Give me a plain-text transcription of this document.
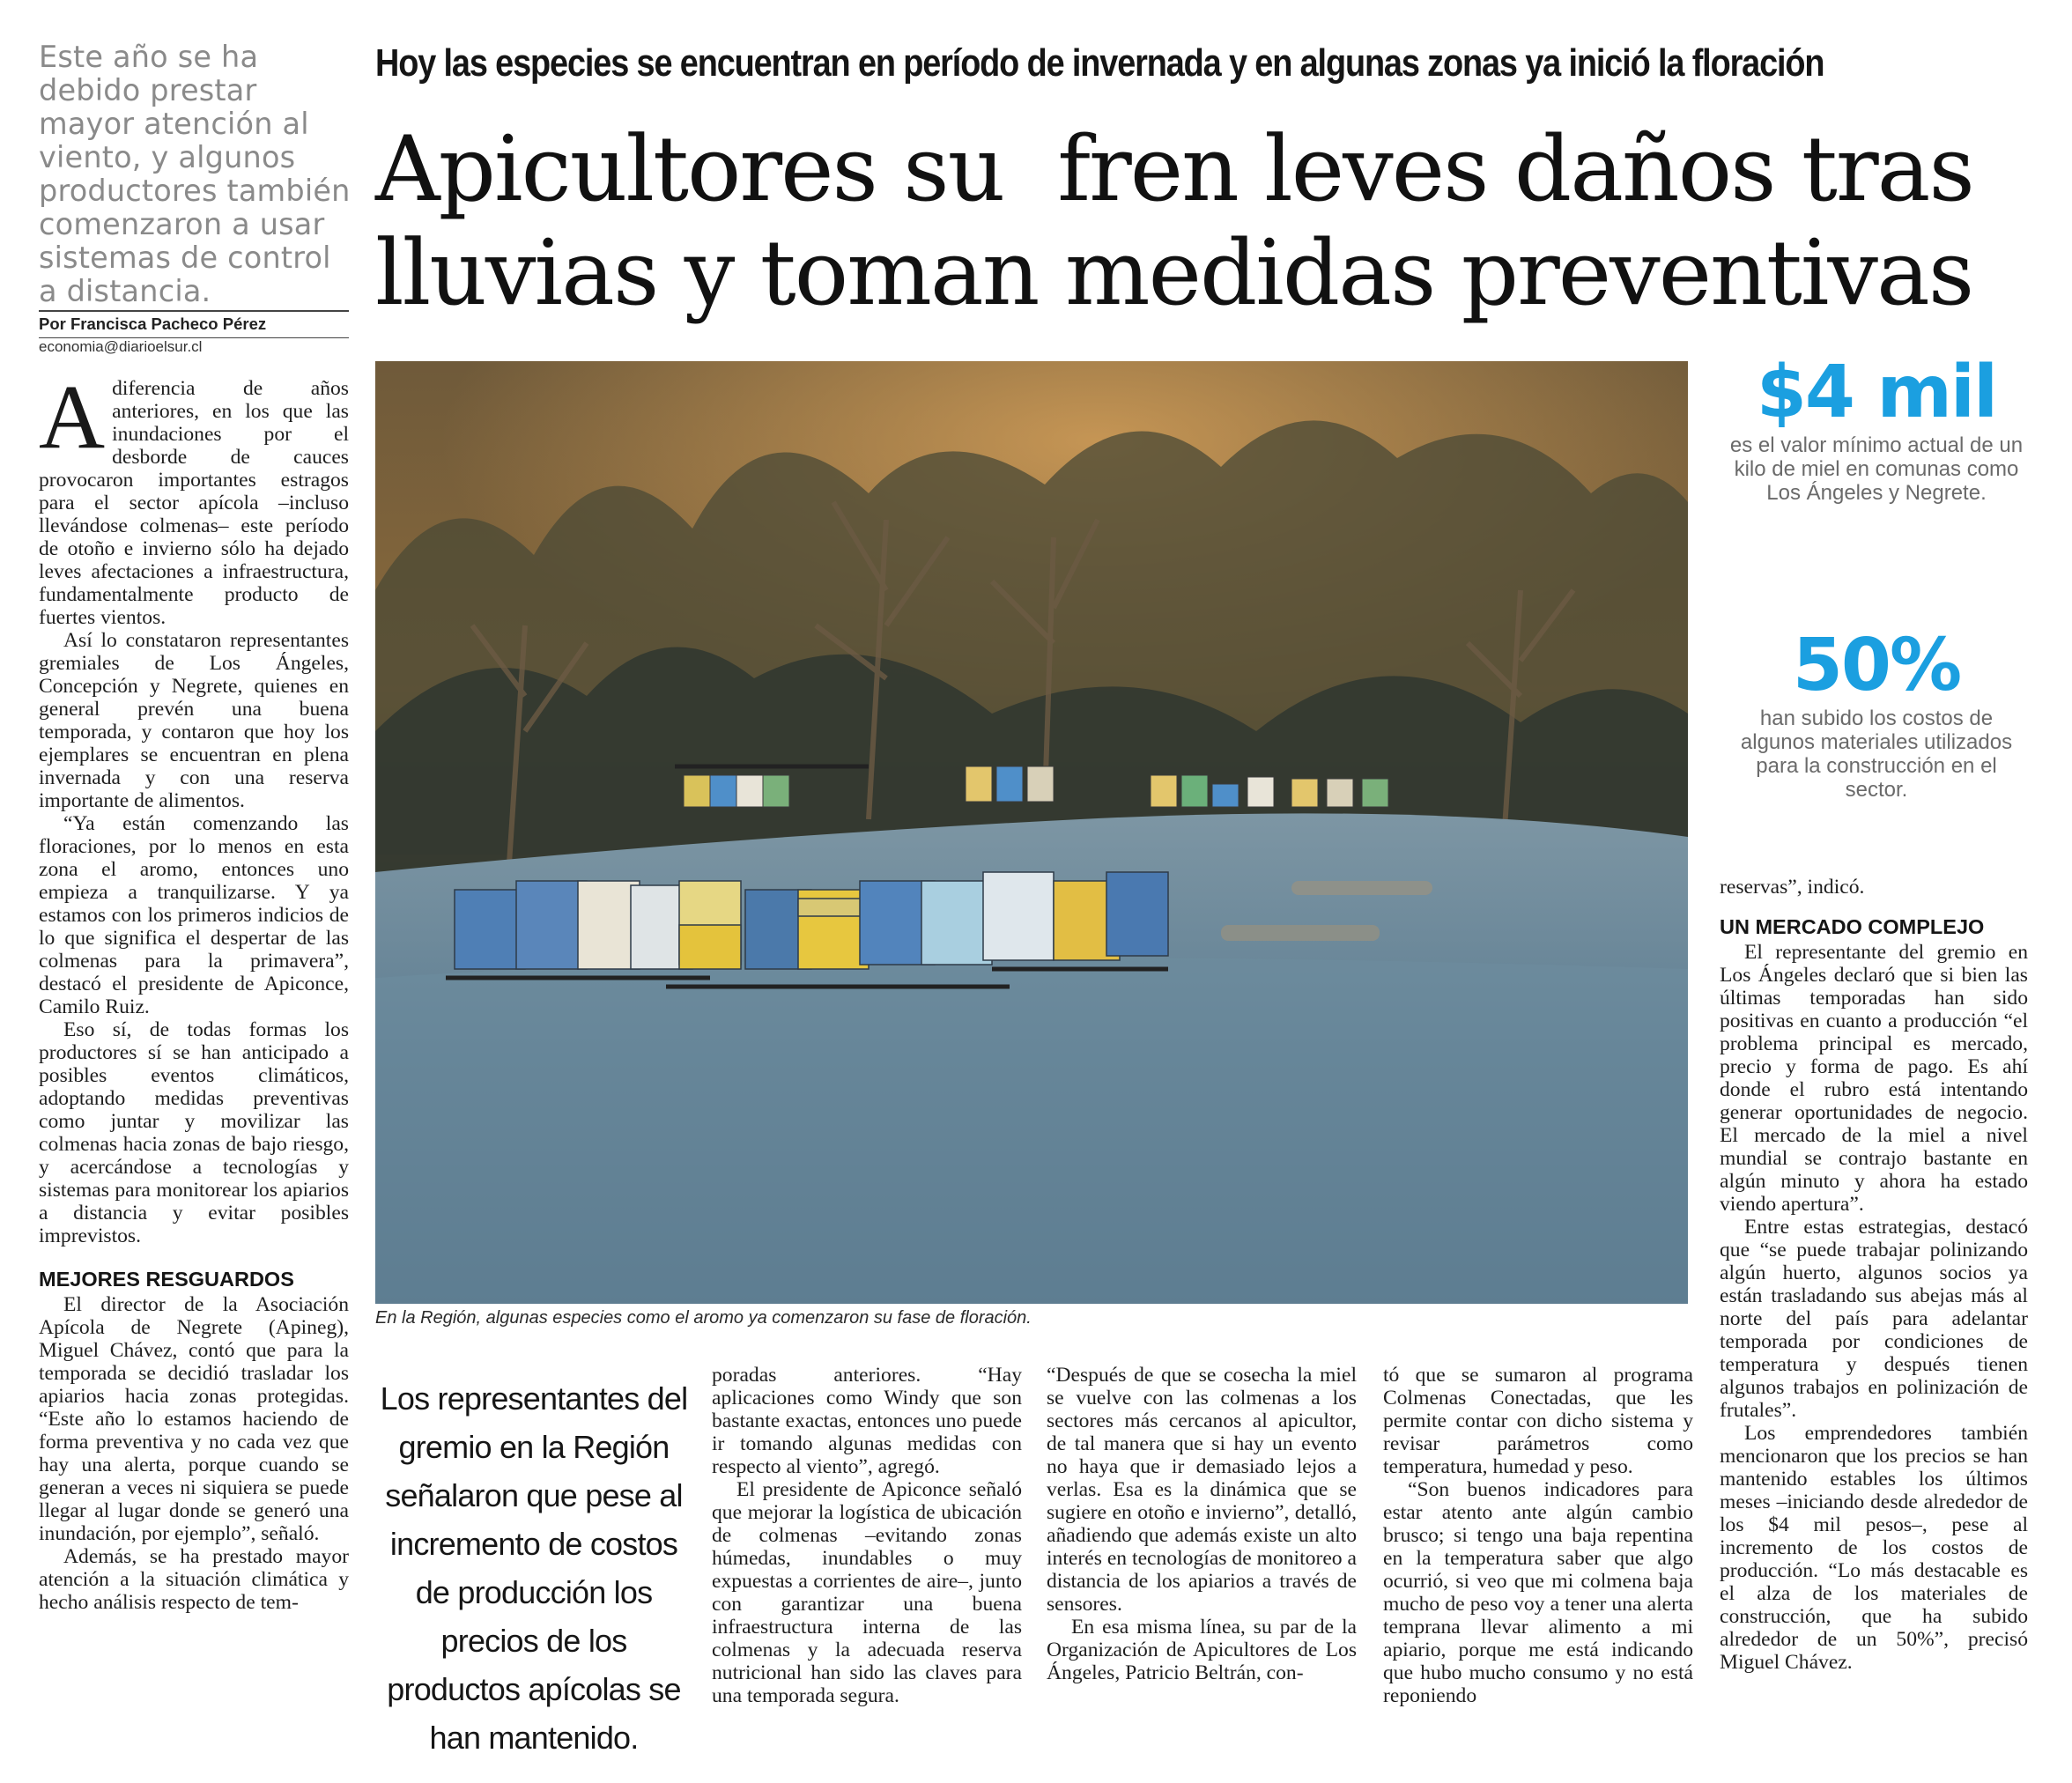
Este año se ha debido prestar mayor atención al viento, y algunos productores también comenzaron a usar sistemas de control a distancia.
Por Francisca Pacheco Pérez
economia@diarioelsur.cl
Hoy las especies se encuentran en período de invernada y en algunas zonas ya inició la floración
Apicultores su  fren leves daños tras
lluvias y toman medidas preventivas

Adiferencia de años anteriores, en los que las inundaciones por el desborde de cauces provocaron importantes estragos para el sector apícola –incluso llevándose colmenas– este período de otoño e invierno sólo ha dejado leves afectaciones a infraestructura, fundamentalmente producto de fuertes vientos.

Así lo constataron representantes gremiales de Los Ángeles, Concepción y Negrete, quienes en general prevén una buena temporada, y contaron que hoy los ejemplares se encuentran en plena invernada y con una reserva importante de alimentos.

“Ya están comenzando las floraciones, por lo menos en esta zona el aromo, entonces uno empieza a tranquilizarse. Y ya estamos con los primeros indicios de lo que significa el despertar de las colmenas para la primavera”, destacó el presidente de Apiconce, Camilo Ruiz.

Eso sí, de todas formas los productores sí se han anticipado a posibles eventos climáticos, adoptando medidas preventivas como juntar y movilizar las colmenas hacia zonas de bajo riesgo, y acercándose a tecnologías y sistemas para monitorear los apiarios a distancia y evitar posibles imprevistos.

MEJORES RESGUARDOS

El director de la Asociación Apícola de Negrete (Apineg), Miguel Chávez, contó que para la temporada se decidió trasladar los apiarios hacia zonas protegidas. “Este año lo estamos haciendo de forma preventiva y no cada vez que hay una alerta, porque cuando se generan a veces ni siquiera se puede llegar al lugar donde se generó una inundación, por ejemplo”, señaló.

Además, se ha prestado mayor atención a la situación climática y hecho análisis respecto de tem-

En la Región, algunas especies como el aromo ya comenzaron su fase de floración.
$4 mil
es el valor mínimo actual de un kilo de miel en comunas como Los Ángeles y Negrete.
50%
han subido los costos de algunos materiales utilizados para la construcción en el sector.

reservas”, indicó.

UN MERCADO COMPLEJO

El representante del gremio en Los Ángeles declaró que si bien las últimas temporadas han sido positivas en cuanto a producción “el problema principal es mercado, precio y forma de pago. Es ahí donde el rubro está intentando generar oportunidades de negocio. El mercado de la miel a nivel mundial se contrajo bastante en algún minuto y ahora ha estado viendo apertura”.

Entre estas estrategias, destacó que “se puede trabajar polinizando algún huerto, algunos socios ya están trasladando sus abejas más al norte del país para adelantar temporada por condiciones de temperatura y después tienen algunos trabajos en polinización de frutales”.

Los emprendedores también mencionaron que los precios se han mantenido estables los últimos meses –iniciando desde alrededor de los $4 mil pesos–, pese al incremento de los costos de producción. “Lo más destacable es el alza de los materiales de construcción, que ha subido alrededor de un 50%”, precisó Miguel Chávez.

Los representantes del gremio en la Región señalaron que pese al incremento de costos de producción los precios de los productos apícolas se han mantenido.

poradas anteriores. “Hay aplicaciones como Windy que son bastante exactas, entonces uno puede ir tomando algunas medidas con respecto al viento”, agregó.

El presidente de Apiconce señaló que mejorar la logística de ubicación de colmenas –evitando zonas húmedas, inundables o muy expuestas a corrientes de aire–, junto con garantizar una buena infraestructura interna de las colmenas y la adecuada reserva nutricional han sido las claves para una temporada segura.

“Después de que se cosecha la miel se vuelve con las colmenas a los sectores más cercanos al apicultor, de tal manera que si hay un evento no haya que ir demasiado lejos a verlas. Esa es la dinámica que se sugiere en otoño e invierno”, detalló, añadiendo que además existe un alto interés en tecnologías de monitoreo a distancia de los apiarios a través de sensores.

En esa misma línea, su par de la Organización de Apicultores de Los Ángeles, Patricio Beltrán, con-

tó que se sumaron al programa Colmenas Conectadas, que les permite contar con dicho sistema y revisar parámetros como temperatura, humedad y peso.

“Son buenos indicadores para estar atento ante algún cambio brusco; si tengo una baja repentina en la temperatura saber que algo ocurrió, si veo que mi colmena baja mucho de peso voy a tener una alerta temprana llevar alimento a mi apiario, porque me está indicando que hubo mucho consumo y no está reponiendo
